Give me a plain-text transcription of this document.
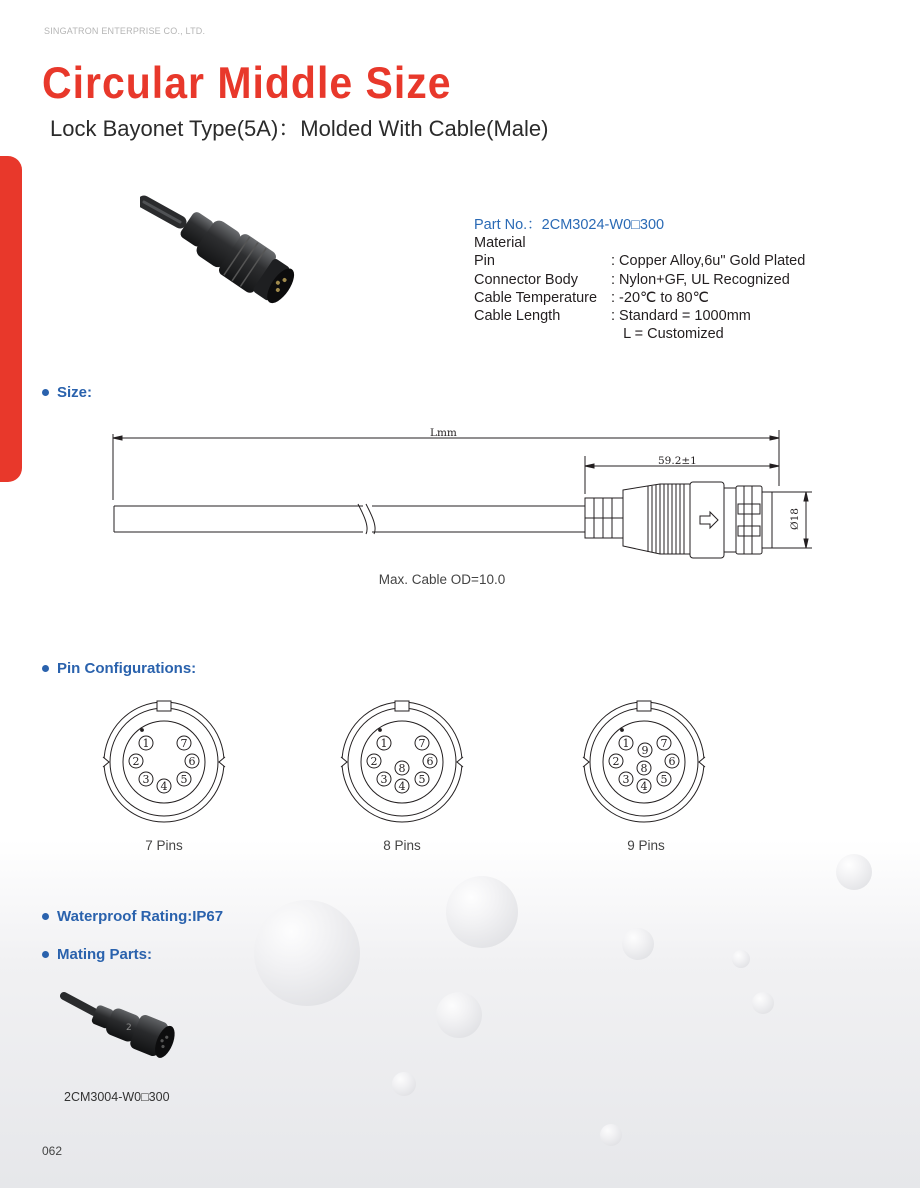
SINGATRON ENTERPRISE CO., LTD.
Circular Middle Size
Lock Bayonet Type(5A)：Molded With Cable(Male)
Part No.：2CM3024-W0□300
Material
Pin	: Copper Alloy,6u" Gold Plated
Connector Body	: Nylon+GF, UL Recognized
Cable Temperature : -20℃ to 80℃
Cable Length	: Standard = 1000mm
L = Customized
Size:
Lmm
59.2±1
Ø18
Max. Cable OD=10.0
Pin Configurations:
1
2
3
4
5
6
7
7 Pins
1
2
3
4
5
6
7
8
8 Pins
1
2
3
4
5
6
7
8
9
9 Pins
Waterproof Rating:IP67
Mating Parts:
2
2CM3004-W0□300
062
